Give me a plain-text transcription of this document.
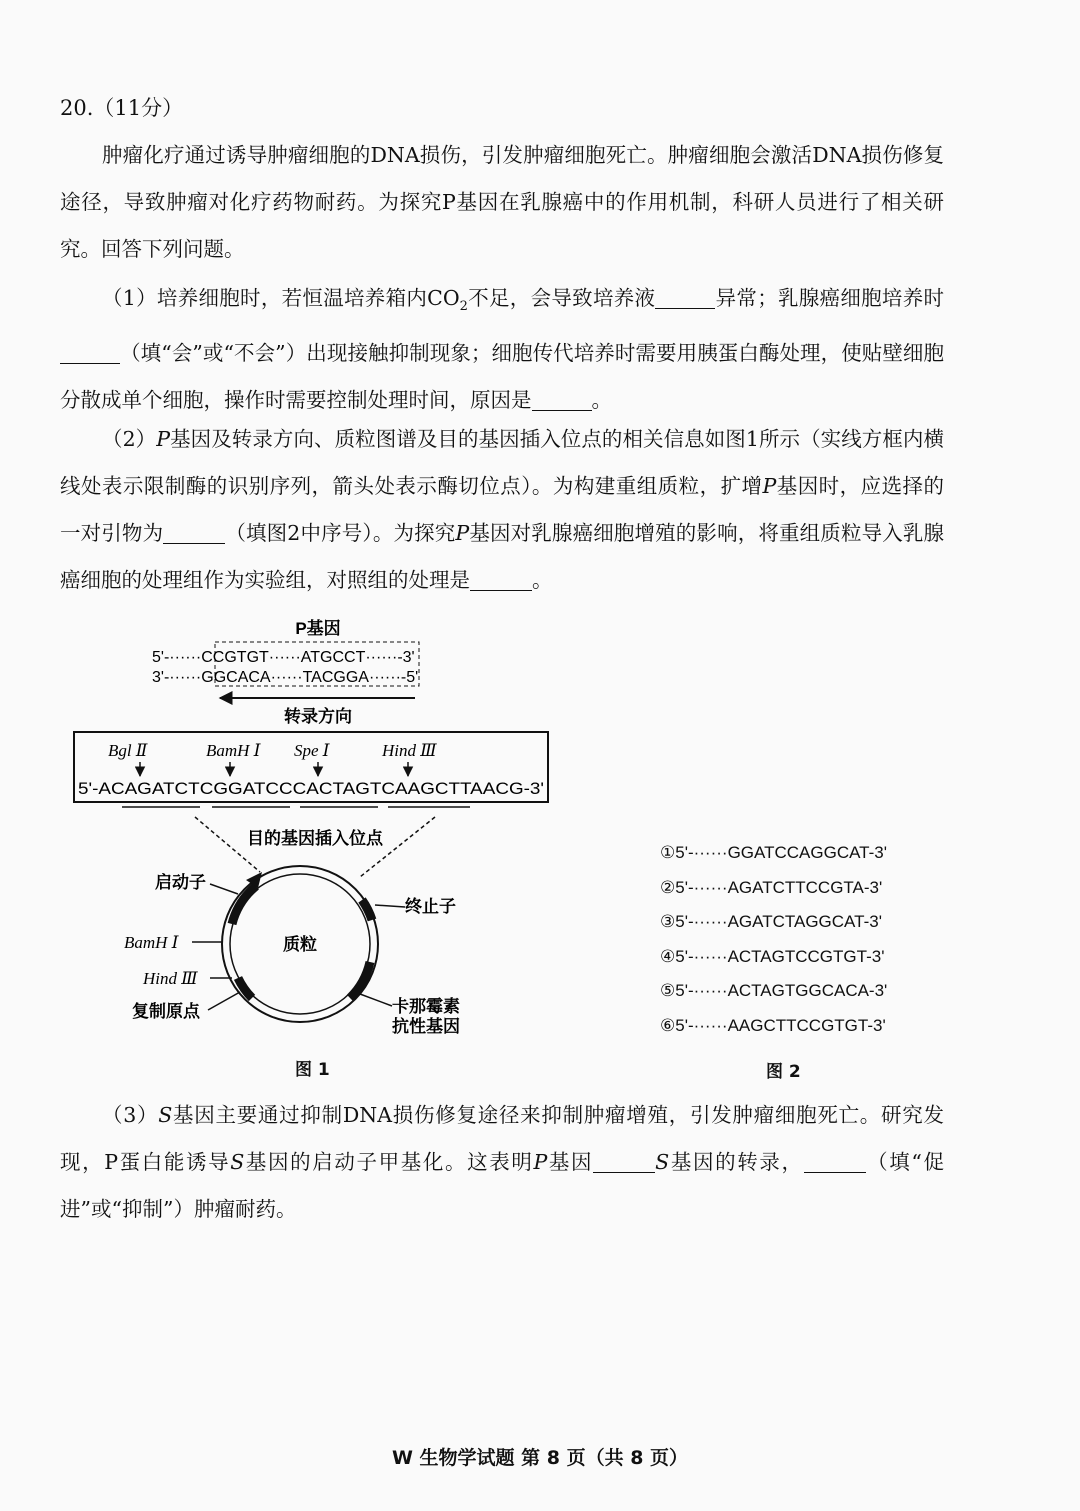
20.（11分）

肿瘤化疗通过诱导肿瘤细胞的DNA损伤，引发肿瘤细胞死亡。肿瘤细胞会激活DNA损伤修复途径，导致肿瘤对化疗药物耐药。为探究P基因在乳腺癌中的作用机制，科研人员进行了相关研究。回答下列问题。

（1）培养细胞时，若恒温培养箱内$CO_2$不足，会导致培养液	异常；乳腺癌细胞培养时（填“会”或“不会”）出现接触抑制现象；细胞传代培养时需要用胰蛋白酶处理，使贴壁细胞分散成单个细胞，操作时需要控制处理时间，原因是	。

（2）P基因及转录方向、质粒图谱及目的基因插入位点的相关信息如图1所示（实线方框内横线处表示限制酶的识别序列，箭头处表示酶切位点）。为构建重组质粒，扩增P基因时，应选择的一对引物为	（填图2中序号）。为探究P基因对乳腺癌细胞增殖的影响，将重组质粒导入乳腺癌细胞的处理组作为实验组，对照组的处理是	。

P基因
5'-······CCGTGT······ATGCCT······-3'
3'-······GGCACA······TACGGA······-5'
转录方向
Bgl Ⅱ	BamH Ⅰ Spe Ⅰ	Hind Ⅲ
5'-ACAGATCTCGGATCCCACTAGTCAAGCTTAACG-3'
目的基因插入位点
质粒
启动子
终止子
BamH Ⅰ
Hind Ⅲ
复制原点	卡那霉素
抗性基因
图 1
①5'-······GGATCCAGGCAT-3'
②5'-······AGATCTTCCGTA-3'
③5'-······AGATCTAGGCAT-3'
④5'-······ACTAGTCCGTGT-3'
⑤5'-······ACTAGTGGCACA-3'
⑥5'-······AAGCTTCCGTGT-3'
图 2

（3）S基因主要通过抑制DNA损伤修复途径来抑制肿瘤增殖，引发肿瘤细胞死亡。研究发现，P蛋白能诱导S基因的启动子甲基化。这表明P基因	S基因的转录，	（填“促进”或“抑制”）肿瘤耐药。

W 生物学试题 第 8 页（共 8 页）
